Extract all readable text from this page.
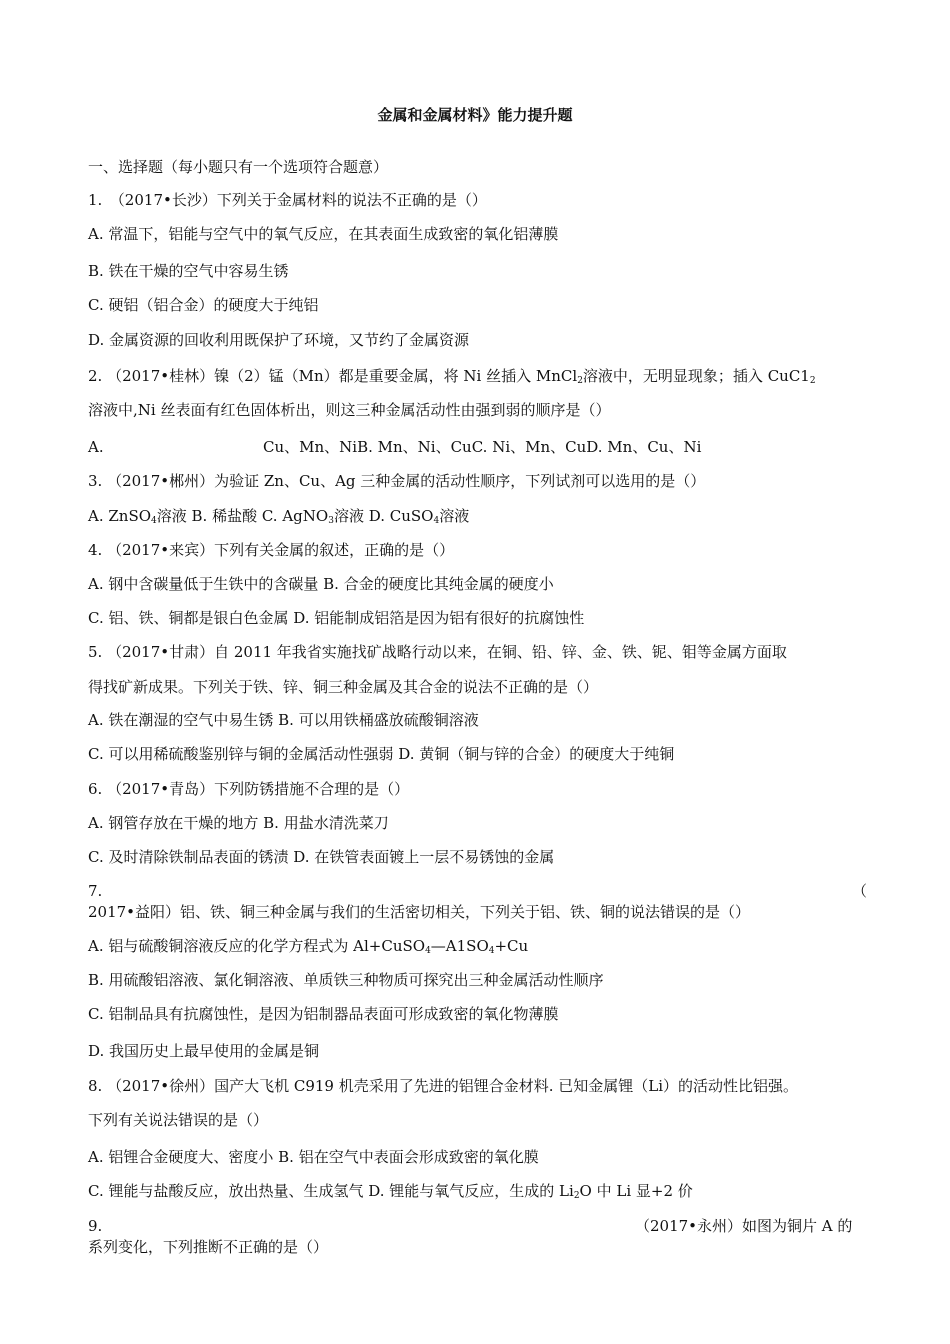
金属和金属材料》能力提升题
一、选择题（每小题只有一个选项符合题意）
1.　（2017•长沙）下列关于金属材料的说法不正确的是（）
A. 常温下，铝能与空气中的氧气反应，在其表面生成致密的氧化铝薄膜
B. 铁在干燥的空气中容易生锈
C. 硬铝（铝合金）的硬度大于纯铝
D. 金属资源的回收利用既保护了环境，又节约了金属资源
2. （2017•桂林）镍（2）锰（Mn）都是重要金属，将 Ni 丝插入 MnCl$_2$溶液中，无明显现象；插入 $CuC1_2$
溶液中,Ni 丝表面有红色固体析出，则这三种金属活动性由强到弱的顺序是（）
A.	Cu、Mn、NiB. Mn、Ni、CuC. Ni、Mn、CuD. Mn、Cu、Ni
3. （2017•郴州）为验证 Zn、Cu、Ag 三种金属的活动性顺序，下列试剂可以选用的是（）
A. ZnSO$_4$溶液 B. 稀盐酸 C. AgNO$_3$溶液 D. CuSO$_4$溶液
4. （2017•来宾）下列有关金属的叙述，正确的是（）
A. 钢中含碳量低于生铁中的含碳量 B. 合金的硬度比其纯金属的硬度小
C. 铝、铁、铜都是银白色金属 D. 铝能制成铝箔是因为铝有很好的抗腐蚀性
5. （2017•甘肃）自 2011 年我省实施找矿战略行动以来，在铜、铅、锌、金、铁、铌、钼等金属方面取
得找矿新成果。下列关于铁、锌、铜三种金属及其合金的说法不正确的是（）
A. 铁在潮湿的空气中易生锈 B. 可以用铁桶盛放硫酸铜溶液
C. 可以用稀硫酸鉴别锌与铜的金属活动性强弱 D. 黄铜（铜与锌的合金）的硬度大于纯铜
6. （2017•青岛）下列防锈措施不合理的是（）
A. 钢管存放在干燥的地方 B. 用盐水清洗菜刀
C. 及时清除铁制品表面的锈渍 D. 在铁管表面镀上一层不易锈蚀的金属
7.	（
2017•益阳）铝、铁、铜三种金属与我们的生活密切相关，下列关于铝、铁、铜的说法错误的是（）
A. 铝与硫酸铜溶液反应的化学方程式为 $Al+CuSO_4—A1SO_4+Cu$
B. 用硫酸铝溶液、氯化铜溶液、单质铁三种物质可探究出三种金属活动性顺序
C. 铝制品具有抗腐蚀性，是因为铝制器品表面可形成致密的氧化物薄膜
D. 我国历史上最早使用的金属是铜
8. （2017•徐州）国产大飞机 C919 机壳采用了先进的铝锂合金材料. 已知金属锂（Li）的活动性比铝强。
下列有关说法错误的是（）
A. 铝锂合金硬度大、密度小 B. 铝在空气中表面会形成致密的氧化膜
C. 锂能与盐酸反应，放出热量、生成氢气 D. 锂能与氧气反应，生成的 $Li_2O$ 中 Li 显+2 价
9.	（2017•永州）如图为铜片 A 的
系列变化，下列推断不正确的是（）
